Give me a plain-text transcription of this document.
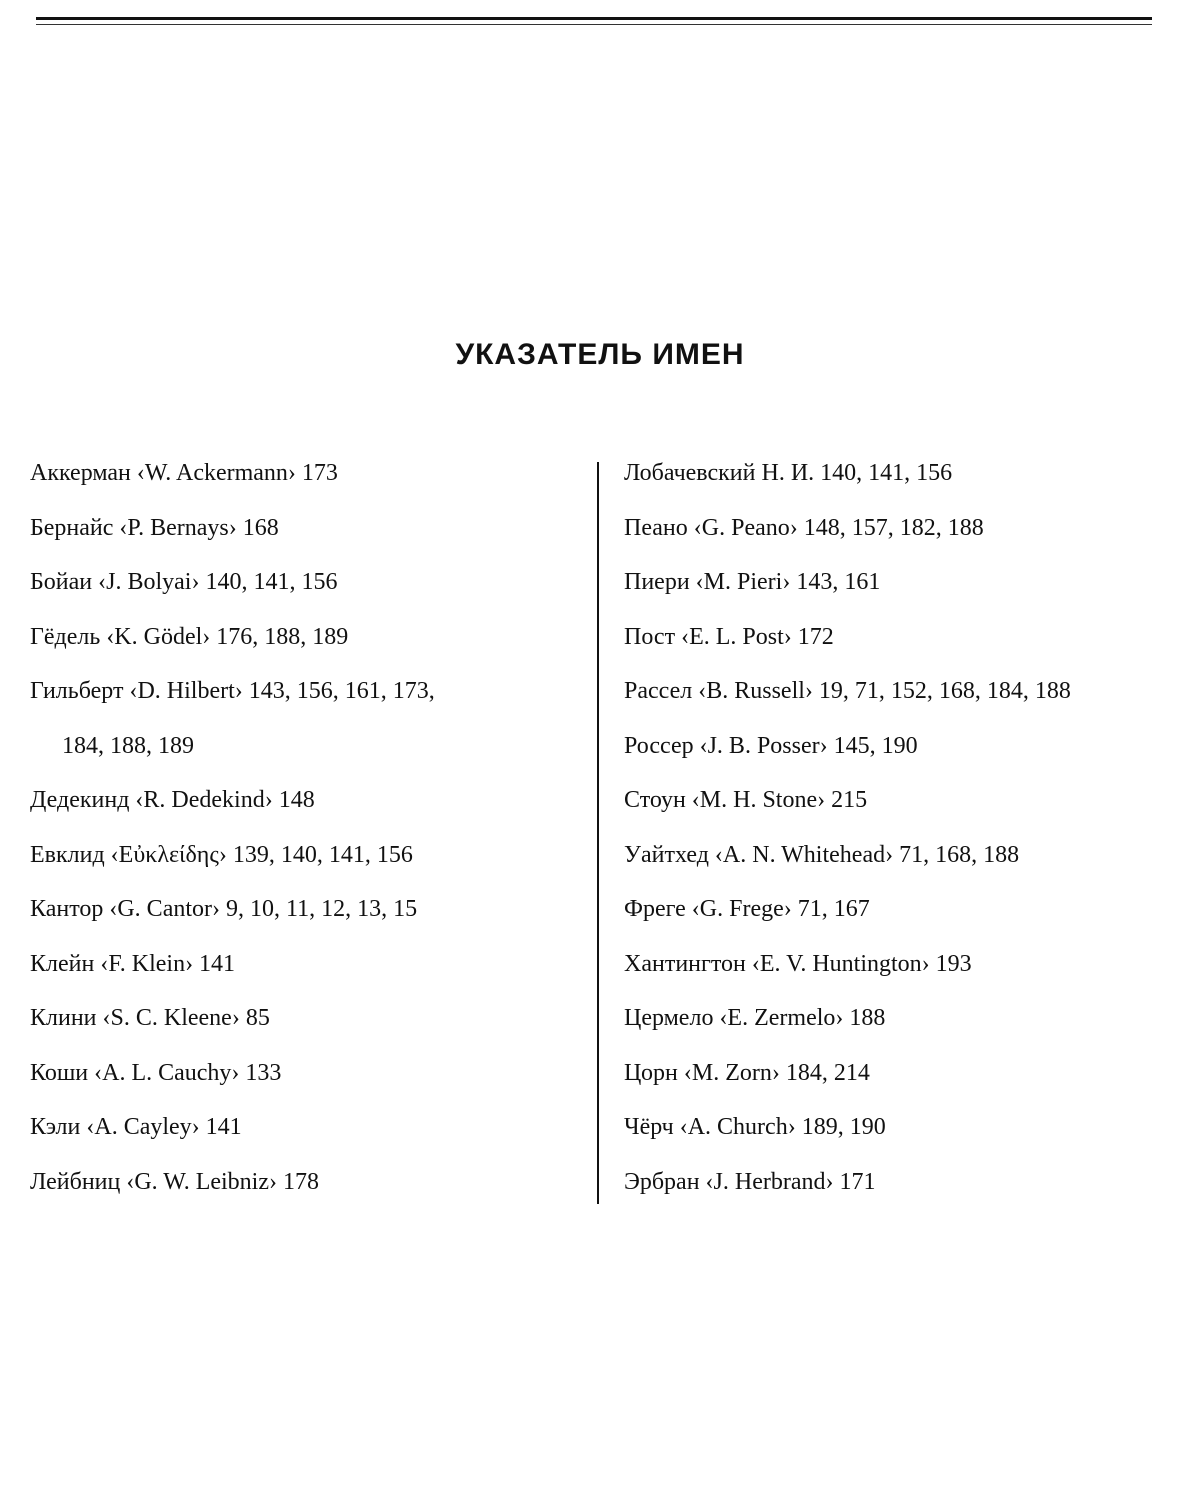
УКАЗАТЕЛЬ ИМЕН
Аккерман ‹W. Ackermann› 173
Бернайс ‹P. Bernays› 168
Бойаи ‹J. Bolyai› 140, 141, 156
Гёдель ‹K. Gödel› 176, 188, 189
Гильберт ‹D. Hilbert› 143, 156, 161, 173,
184, 188, 189
Дедекинд ‹R. Dedekind› 148
Евклид ‹Εὐκλείδης› 139, 140, 141, 156
Кантор ‹G. Cantor› 9, 10, 11, 12, 13, 15
Клейн ‹F. Klein› 141
Клини ‹S. C. Kleene› 85
Коши ‹A. L. Cauchy› 133
Кэли ‹A. Cayley› 141
Лейбниц ‹G. W. Leibniz› 178
Лобачевский Н. И. 140, 141, 156
Пеано ‹G. Peano› 148, 157, 182, 188
Пиери ‹M. Pieri› 143, 161
Пост ‹E. L. Post› 172
Рассел ‹B. Russell› 19, 71, 152, 168, 184, 188
Россер ‹J. B. Posser› 145, 190
Стоун ‹M. H. Stone› 215
Уайтхед ‹A. N. Whitehead› 71, 168, 188
Фреге ‹G. Frege› 71, 167
Хантингтон ‹E. V. Huntington› 193
Цермело ‹E. Zermelo› 188
Цорн ‹M. Zorn› 184, 214
Чёрч ‹A. Church› 189, 190
Эрбран ‹J. Herbrand› 171
